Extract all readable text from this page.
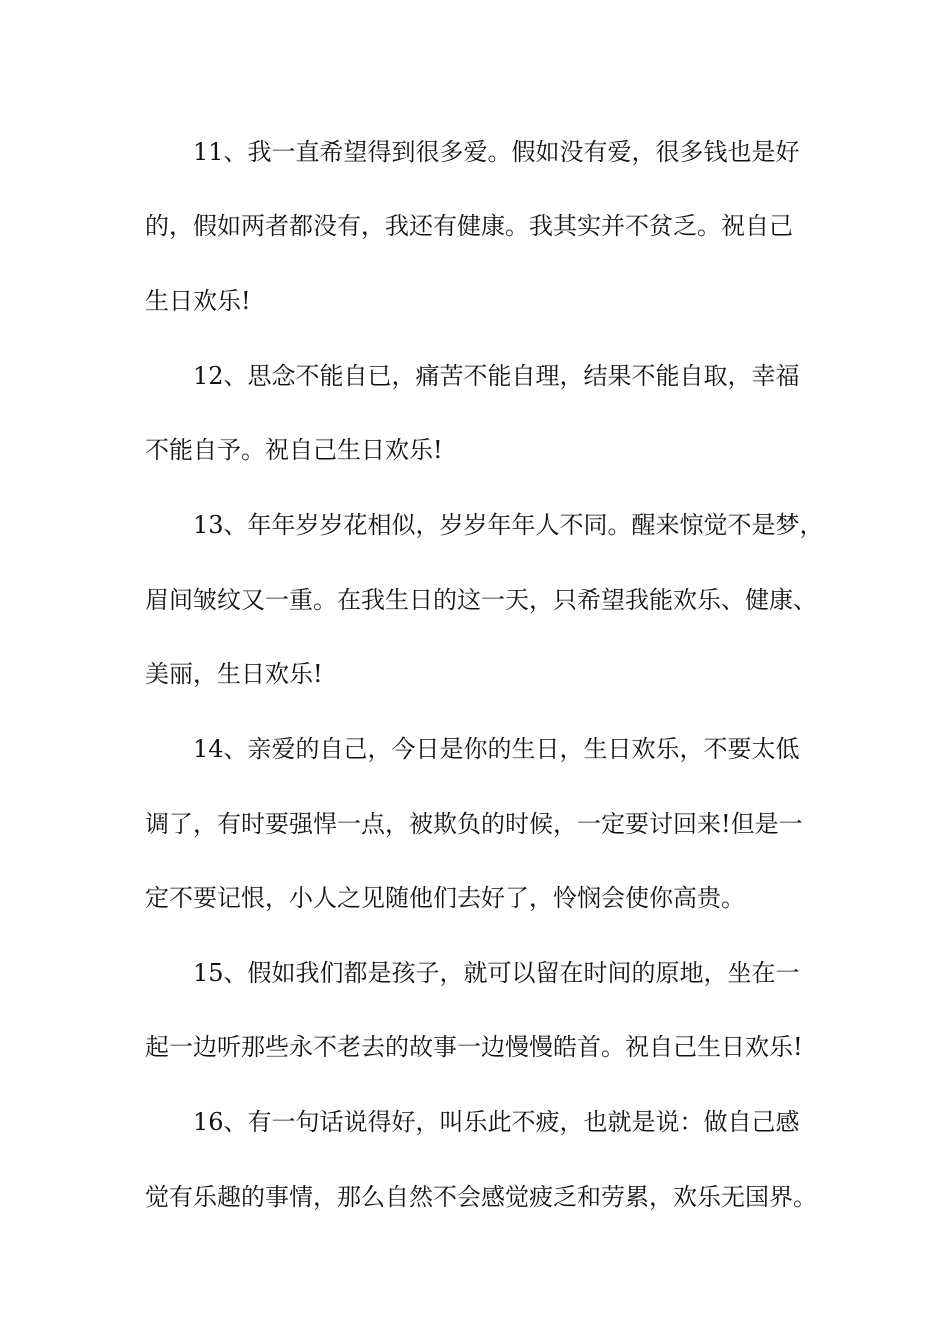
11、我一直希望得到很多爱。假如没有爱，很多钱也是好
的，假如两者都没有，我还有健康。我其实并不贫乏。祝自己
生日欢乐!
12、思念不能自已，痛苦不能自理，结果不能自取，幸福
不能自予。祝自己生日欢乐!
13、年年岁岁花相似，岁岁年年人不同。醒来惊觉不是梦，
眉间皱纹又一重。在我生日的这一天，只希望我能欢乐、健康、
美丽，生日欢乐!
14、亲爱的自己，今日是你的生日，生日欢乐，不要太低
调了，有时要强悍一点，被欺负的时候，一定要讨回来!但是一
定不要记恨，小人之见随他们去好了，怜悯会使你高贵。
15、假如我们都是孩子，就可以留在时间的原地，坐在一
起一边听那些永不老去的故事一边慢慢皓首。祝自己生日欢乐!
16、有一句话说得好，叫乐此不疲，也就是说：做自己感
觉有乐趣的事情，那么自然不会感觉疲乏和劳累，欢乐无国界。
